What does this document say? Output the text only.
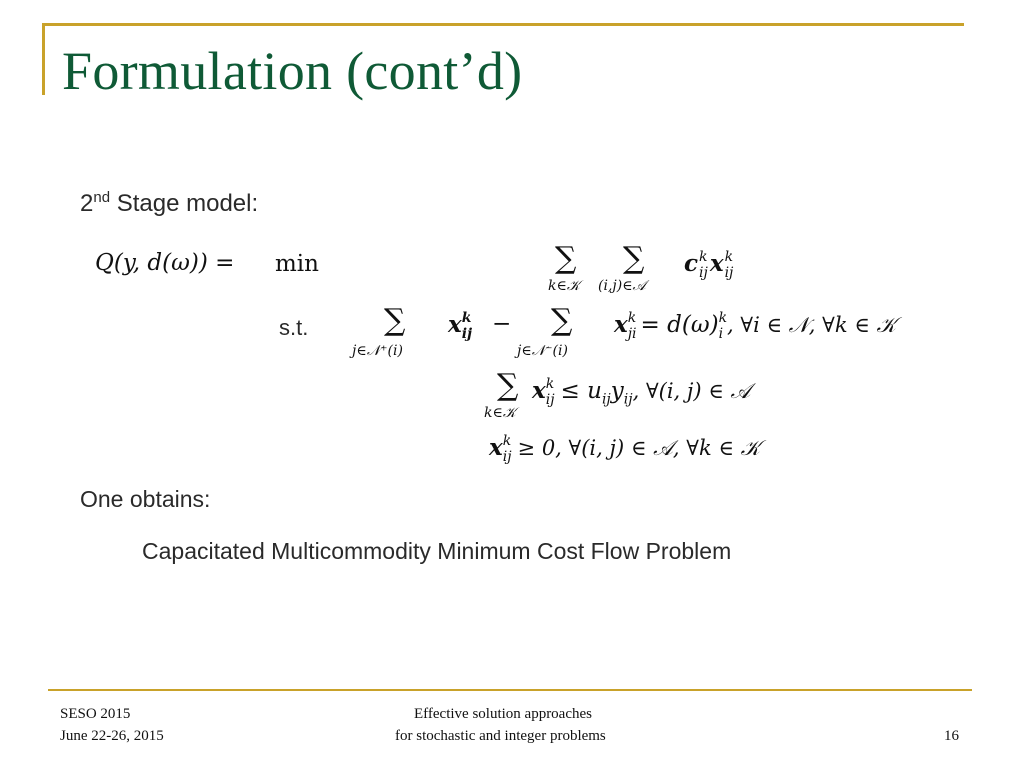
Formulation (cont’d)
2nd Stage model:
Q(y, d(ω)) = min	∑
k∈𝒦
∑
(i,j)∈𝒜
c k
ij x k
ij
s.t.	∑
j∈𝒩⁺(i)
x k
ij − ∑
j∈𝒩⁻(i)
x k
ji = d(ω) k
i , ∀i ∈ 𝒩, ∀k ∈ 𝒦
∑
k∈𝒦
x k
ij ≤ $u_{ij}y_{ij}$, ∀(i, j) ∈ 𝒜
x k
ij ≥ 0, ∀(i, j) ∈ 𝒜, ∀k ∈ 𝒦
One obtains:
Capacitated Multicommodity Minimum Cost Flow Problem
SESO 2015
June 22-26, 2015
Effective solution approaches
for stochastic and integer problems	16
